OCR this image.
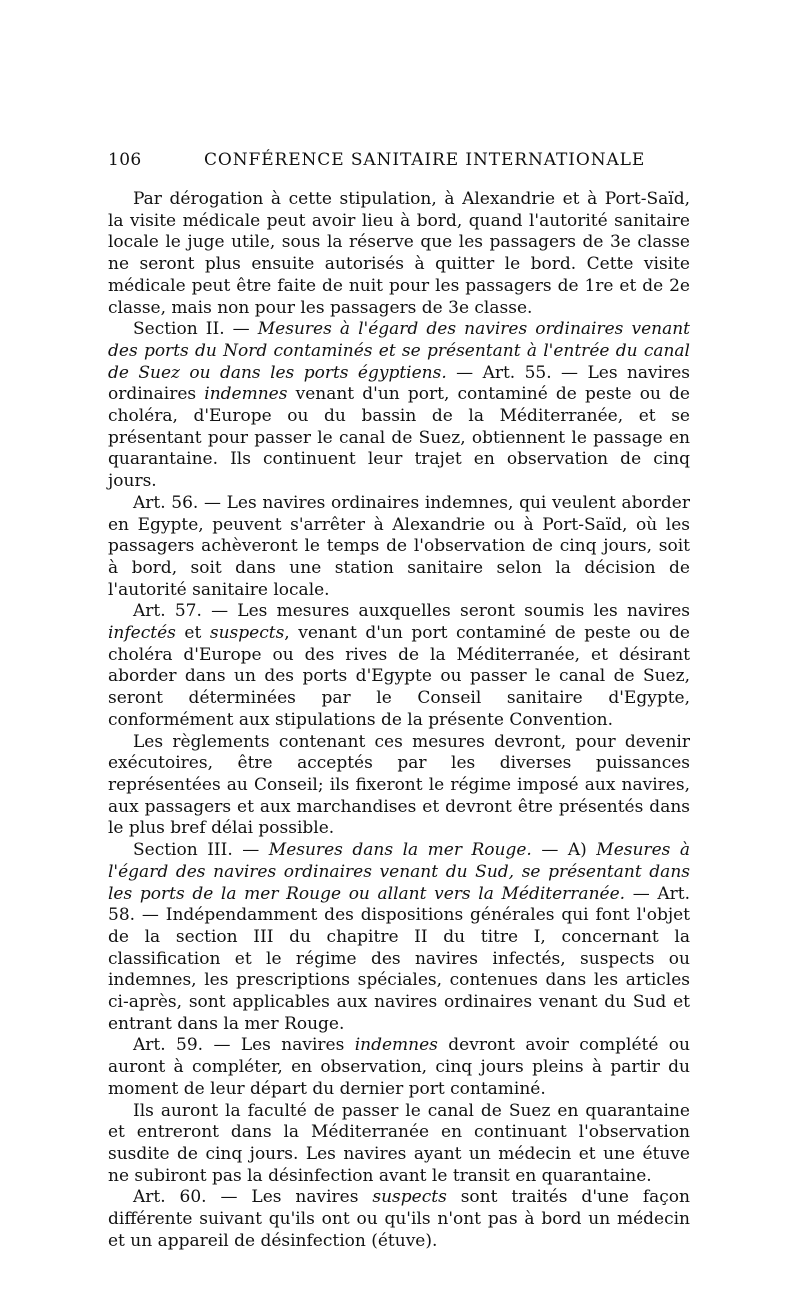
106	CONFÉRENCE SANITAIRE INTERNATIONALE

Par dérogation à cette stipulation, à Alexandrie et à Port-Saïd, la visite médicale peut avoir lieu à bord, quand l'autorité sanitaire locale le juge utile, sous la réserve que les passagers de 3e classe ne seront plus ensuite autorisés à quitter le bord. Cette visite médicale peut être faite de nuit pour les passagers de 1re et de 2e classe, mais non pour les passagers de 3e classe.

Section II. — Mesures à l'égard des navires ordinaires venant des ports du Nord contaminés et se présentant à l'entrée du canal de Suez ou dans les ports égyptiens. — Art. 55. — Les navires ordinaires indemnes venant d'un port, contaminé de peste ou de choléra, d'Europe ou du bassin de la Méditerranée, et se présentant pour passer le canal de Suez, obtiennent le passage en quarantaine. Ils continuent leur trajet en observation de cinq jours.

Art. 56. — Les navires ordinaires indemnes, qui veulent aborder en Egypte, peuvent s'arrêter à Alexandrie ou à Port-Saïd, où les passagers achèveront le temps de l'observation de cinq jours, soit à bord, soit dans une station sanitaire selon la décision de l'autorité sanitaire locale.

Art. 57. — Les mesures auxquelles seront soumis les navires infectés et suspects, venant d'un port contaminé de peste ou de choléra d'Europe ou des rives de la Méditerranée, et désirant aborder dans un des ports d'Egypte ou passer le canal de Suez, seront déterminées par le Conseil sanitaire d'Egypte, conformément aux stipulations de la présente Convention.

Les règlements contenant ces mesures devront, pour devenir exécutoires, être acceptés par les diverses puissances représentées au Conseil; ils fixeront le régime imposé aux navires, aux passagers et aux marchandises et devront être présentés dans le plus bref délai possible.

Section III. — Mesures dans la mer Rouge. — A) Mesures à l'égard des navires ordinaires venant du Sud, se présentant dans les ports de la mer Rouge ou allant vers la Méditerranée. — Art. 58. — Indépendamment des dispositions générales qui font l'objet de la section III du chapitre II du titre I, concernant la classification et le régime des navires infectés, suspects ou indemnes, les prescriptions spéciales, contenues dans les articles ci-après, sont applicables aux navires ordinaires venant du Sud et entrant dans la mer Rouge.

Art. 59. — Les navires indemnes devront avoir complété ou auront à compléter, en observation, cinq jours pleins à partir du moment de leur départ du dernier port contaminé.

Ils auront la faculté de passer le canal de Suez en quarantaine et entreront dans la Méditerranée en continuant l'observation susdite de cinq jours. Les navires ayant un médecin et une étuve ne subiront pas la désinfection avant le transit en quarantaine.

Art. 60. — Les navires suspects sont traités d'une façon différente suivant qu'ils ont ou qu'ils n'ont pas à bord un médecin et un appareil de désinfection (étuve).
